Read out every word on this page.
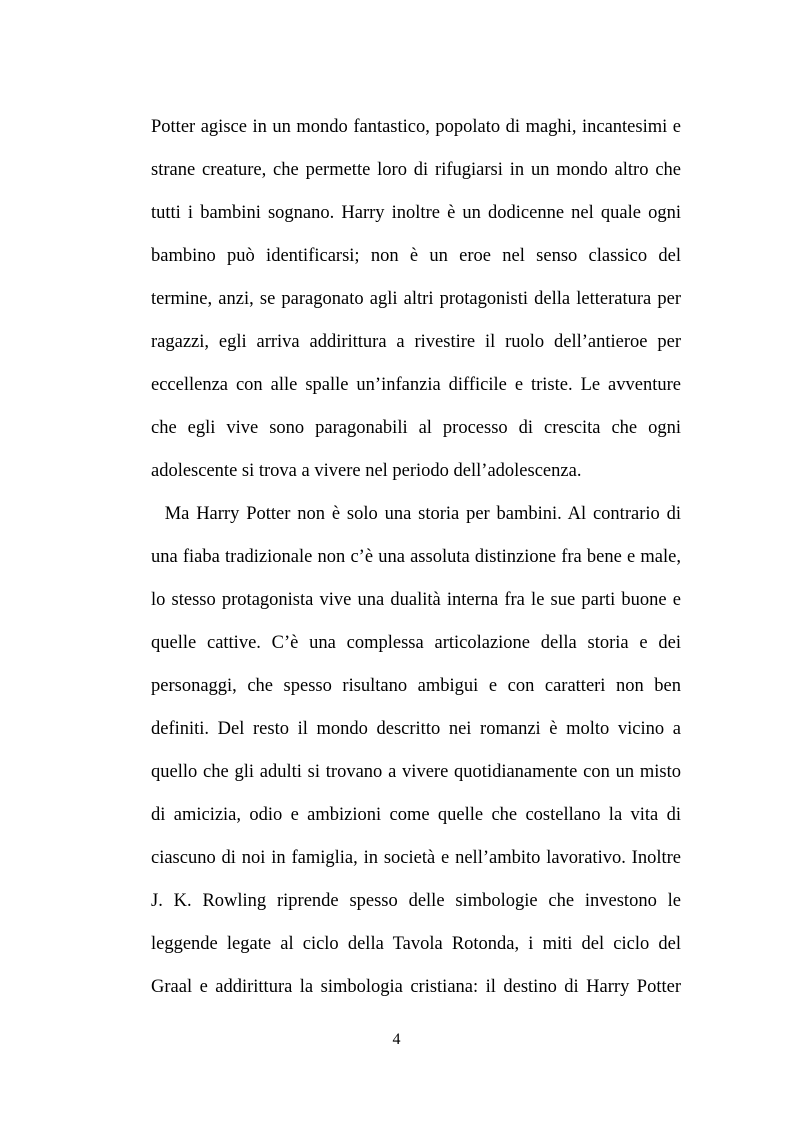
Potter agisce in un mondo fantastico, popolato di maghi, incantesimi e
strane creature, che permette loro di rifugiarsi in un mondo altro che
tutti i bambini sognano. Harry inoltre è un dodicenne nel quale ogni
bambino può identificarsi; non è un eroe nel senso classico del
termine, anzi, se paragonato agli altri protagonisti della letteratura per
ragazzi, egli arriva addirittura a rivestire il ruolo dell’antieroe per
eccellenza con alle spalle un’infanzia difficile e triste. Le avventure
che egli vive sono paragonabili al processo di crescita che ogni
adolescente si trova a vivere nel periodo dell’adolescenza.
Ma Harry Potter non è solo una storia per bambini. Al contrario di
una fiaba tradizionale non c’è una assoluta distinzione fra bene e male,
lo stesso protagonista vive una dualità interna fra le sue parti buone e
quelle cattive. C’è una complessa articolazione della storia e dei
personaggi, che spesso risultano ambigui e con caratteri non ben
definiti. Del resto il mondo descritto nei romanzi è molto vicino a
quello che gli adulti si trovano a vivere quotidianamente con un misto
di amicizia, odio e ambizioni come quelle che costellano la vita di
ciascuno di noi in famiglia, in società e nell’ambito lavorativo. Inoltre
J. K. Rowling riprende spesso delle simbologie che investono le
leggende legate al ciclo della Tavola Rotonda, i miti del ciclo del
Graal e addirittura la simbologia cristiana: il destino di Harry Potter
4
